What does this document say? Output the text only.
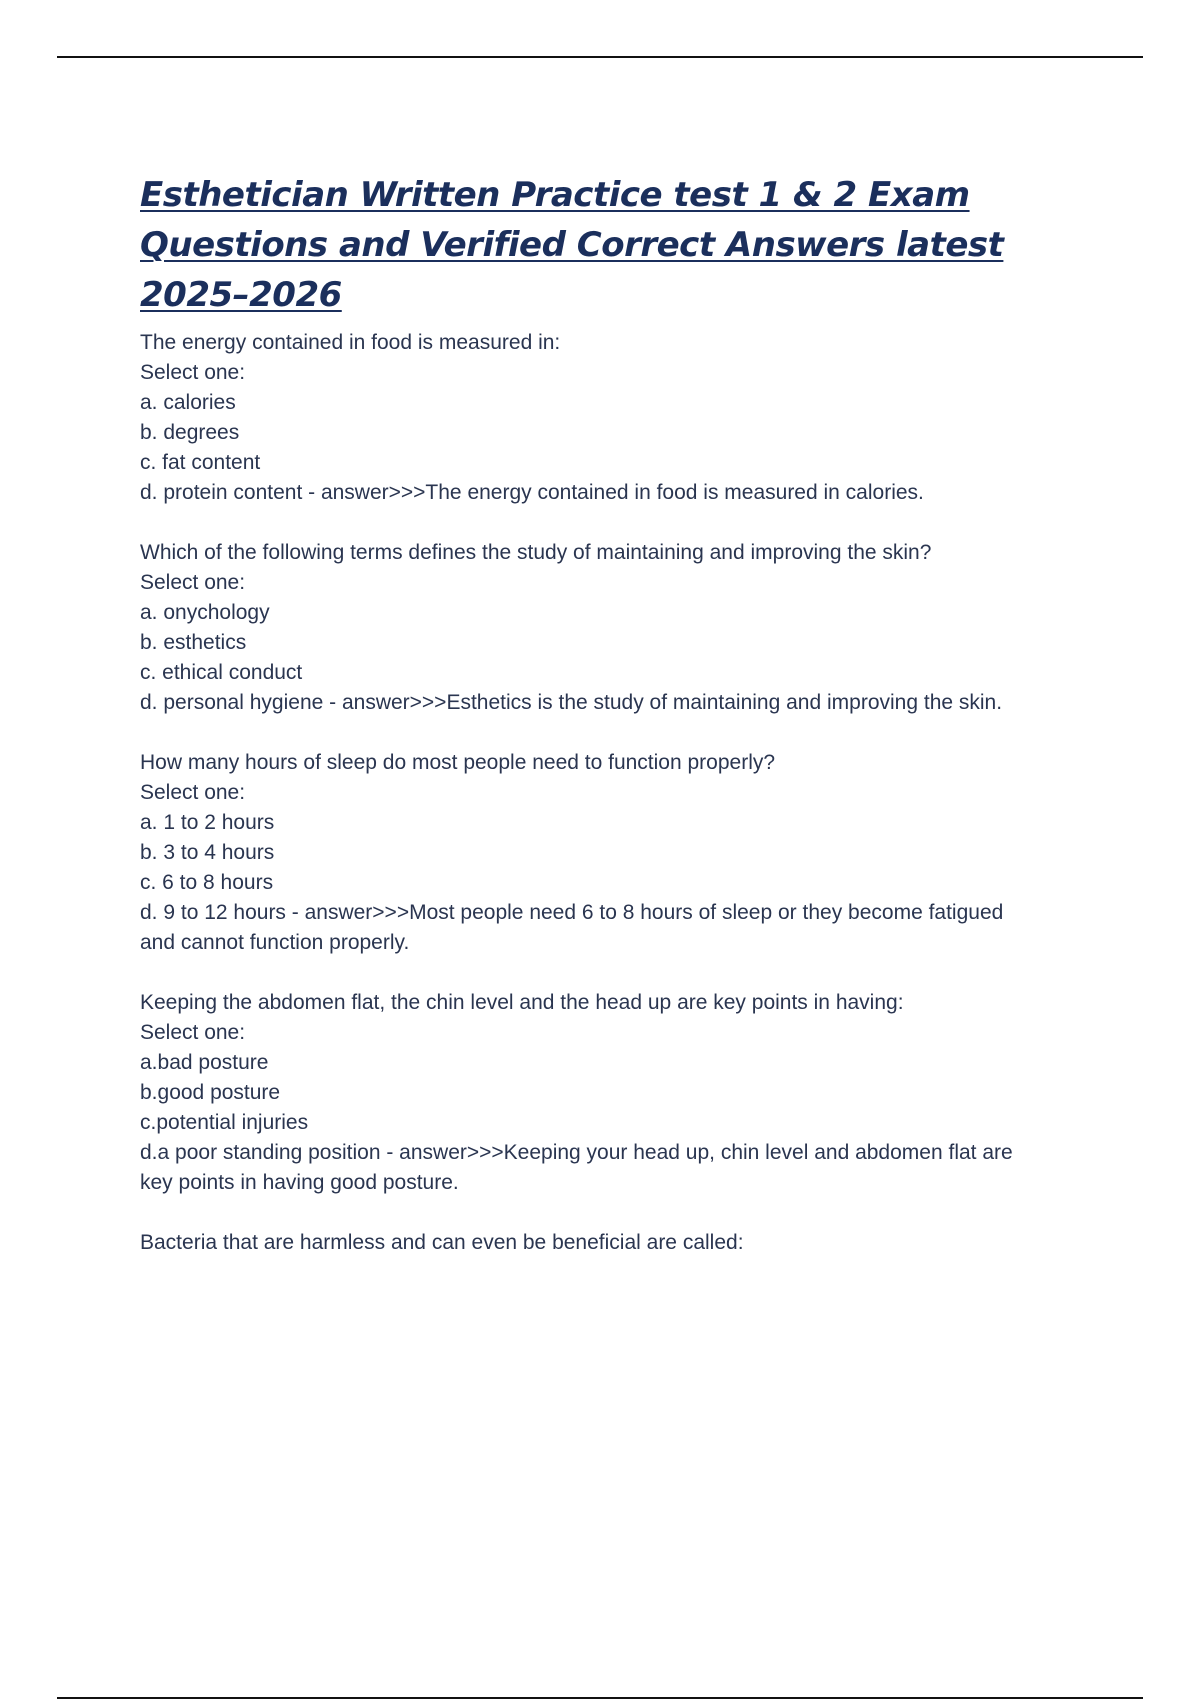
Esthetician Written Practice test 1 & 2 Exam Questions and Verified Correct Answers latest 2025–2026

The energy contained in food is measured in:

Select one:

a. calories

b. degrees

c. fat content

d. protein content - answer>>>The energy contained in food is measured in calories.

Which of the following terms defines the study of maintaining and improving the skin?

Select one:

a. onychology

b. esthetics

c. ethical conduct

d. personal hygiene - answer>>>Esthetics is the study of maintaining and improving the skin.

How many hours of sleep do most people need to function properly?

Select one:

a. 1 to 2 hours

b. 3 to 4 hours

c. 6 to 8 hours

d. 9 to 12 hours - answer>>>Most people need 6 to 8 hours of sleep or they become fatigued and cannot function properly.

Keeping the abdomen flat, the chin level and the head up are key points in having:

Select one:

a.bad posture

b.good posture

c.potential injuries

d.a poor standing position - answer>>>Keeping your head up, chin level and abdomen flat are key points in having good posture.

Bacteria that are harmless and can even be beneficial are called:
